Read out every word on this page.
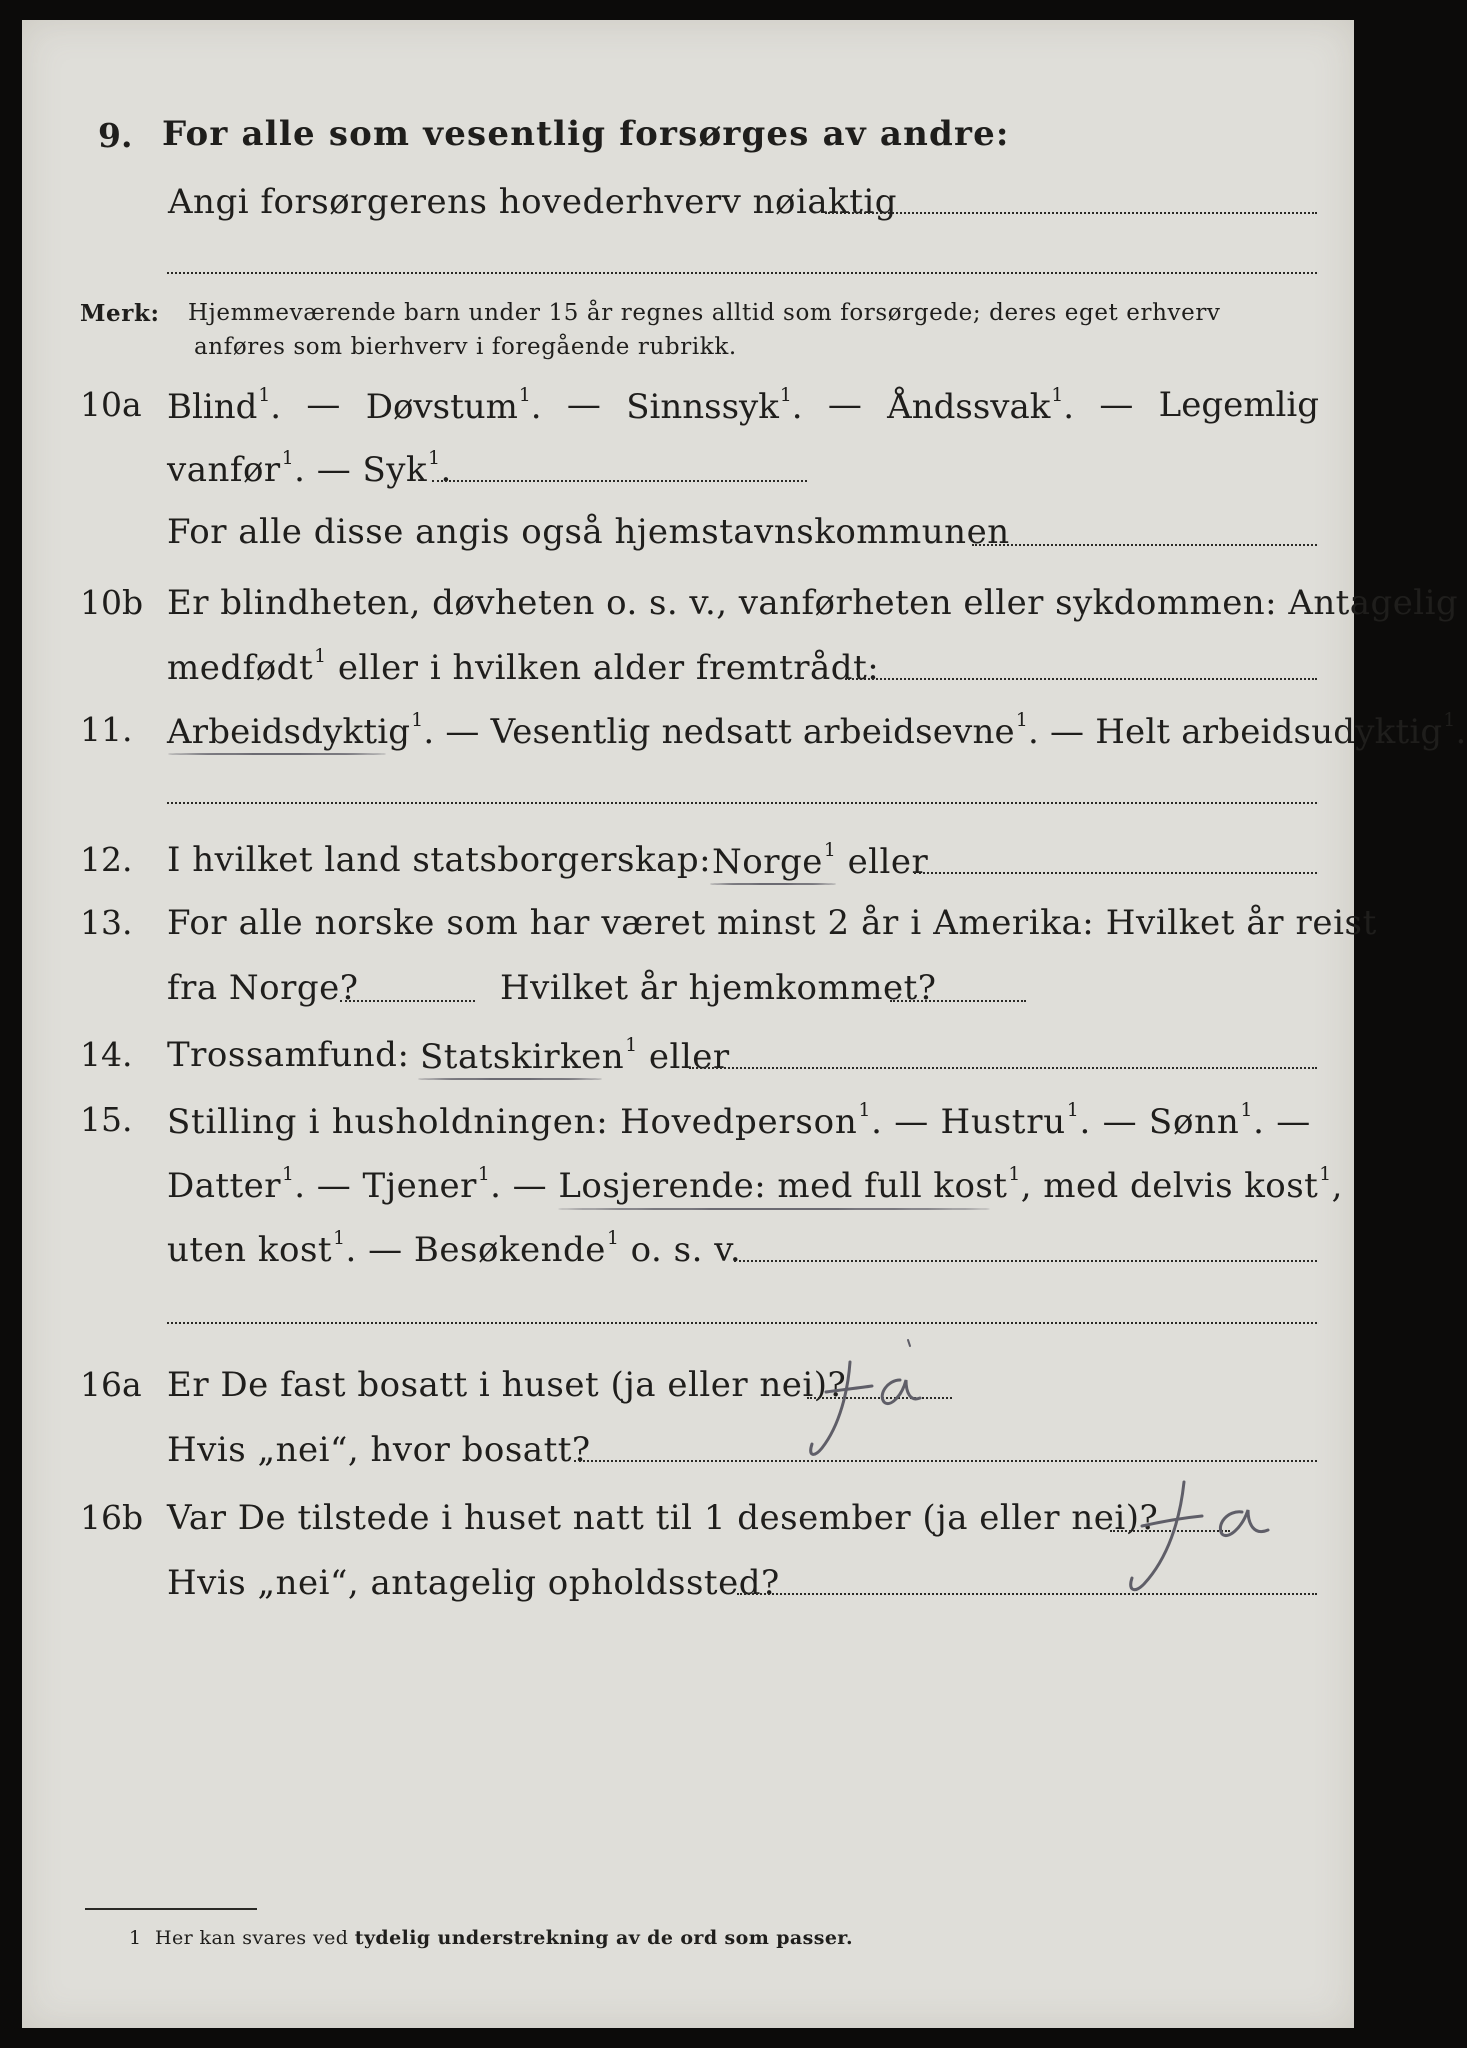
9. For alle som vesentlig forsørges av andre:
Angi forsørgerens hovederhverv nøiaktig
Merk: Hjemmeværende barn under 15 år regnes alltid som forsørgede; deres eget erhverv
anføres som bierhverv i foregående rubrikk.
10a Blind$^1$. — Døvstum$^1$. — Sinnssyk$^1$. — Åndssvak$^1$. — Legemlig
vanfør$^1$. — Syk$^1$.
For alle disse angis også hjemstavnskommunen
10b Er blindheten, døvheten o. s. v., vanførheten eller sykdommen: Antagelig
medfødt$^1$ eller i hvilken alder fremtrådt:
11. Arbeidsdyktig$^1$. — Vesentlig nedsatt arbeidsevne$^1$. — Helt arbeidsudyktig$^1$.
12. I hvilket land statsborgerskap: Norge$^1$ eller
13. For alle norske som har været minst 2 år i Amerika: Hvilket år reist
fra Norge?	Hvilket år hjemkommet?
14. Trossamfund: Statskirken$^1$ eller
15. Stilling i husholdningen: Hovedperson$^1$. — Hustru$^1$. — Sønn$^1$. —
Datter$^1$. — Tjener$^1$. — Losjerende: med full kost$^1$, med delvis kost$^1$,
uten kost$^1$. — Besøkende$^1$ o. s. v.
16a Er De fast bosatt i huset (ja eller nei)?
Hvis „nei“, hvor bosatt?
16b Var De tilstede i huset natt til 1 desember (ja eller nei)?
Hvis „nei“, antagelig opholdssted?
1 Her kan svares ved tydelig understrekning av de ord som passer.
